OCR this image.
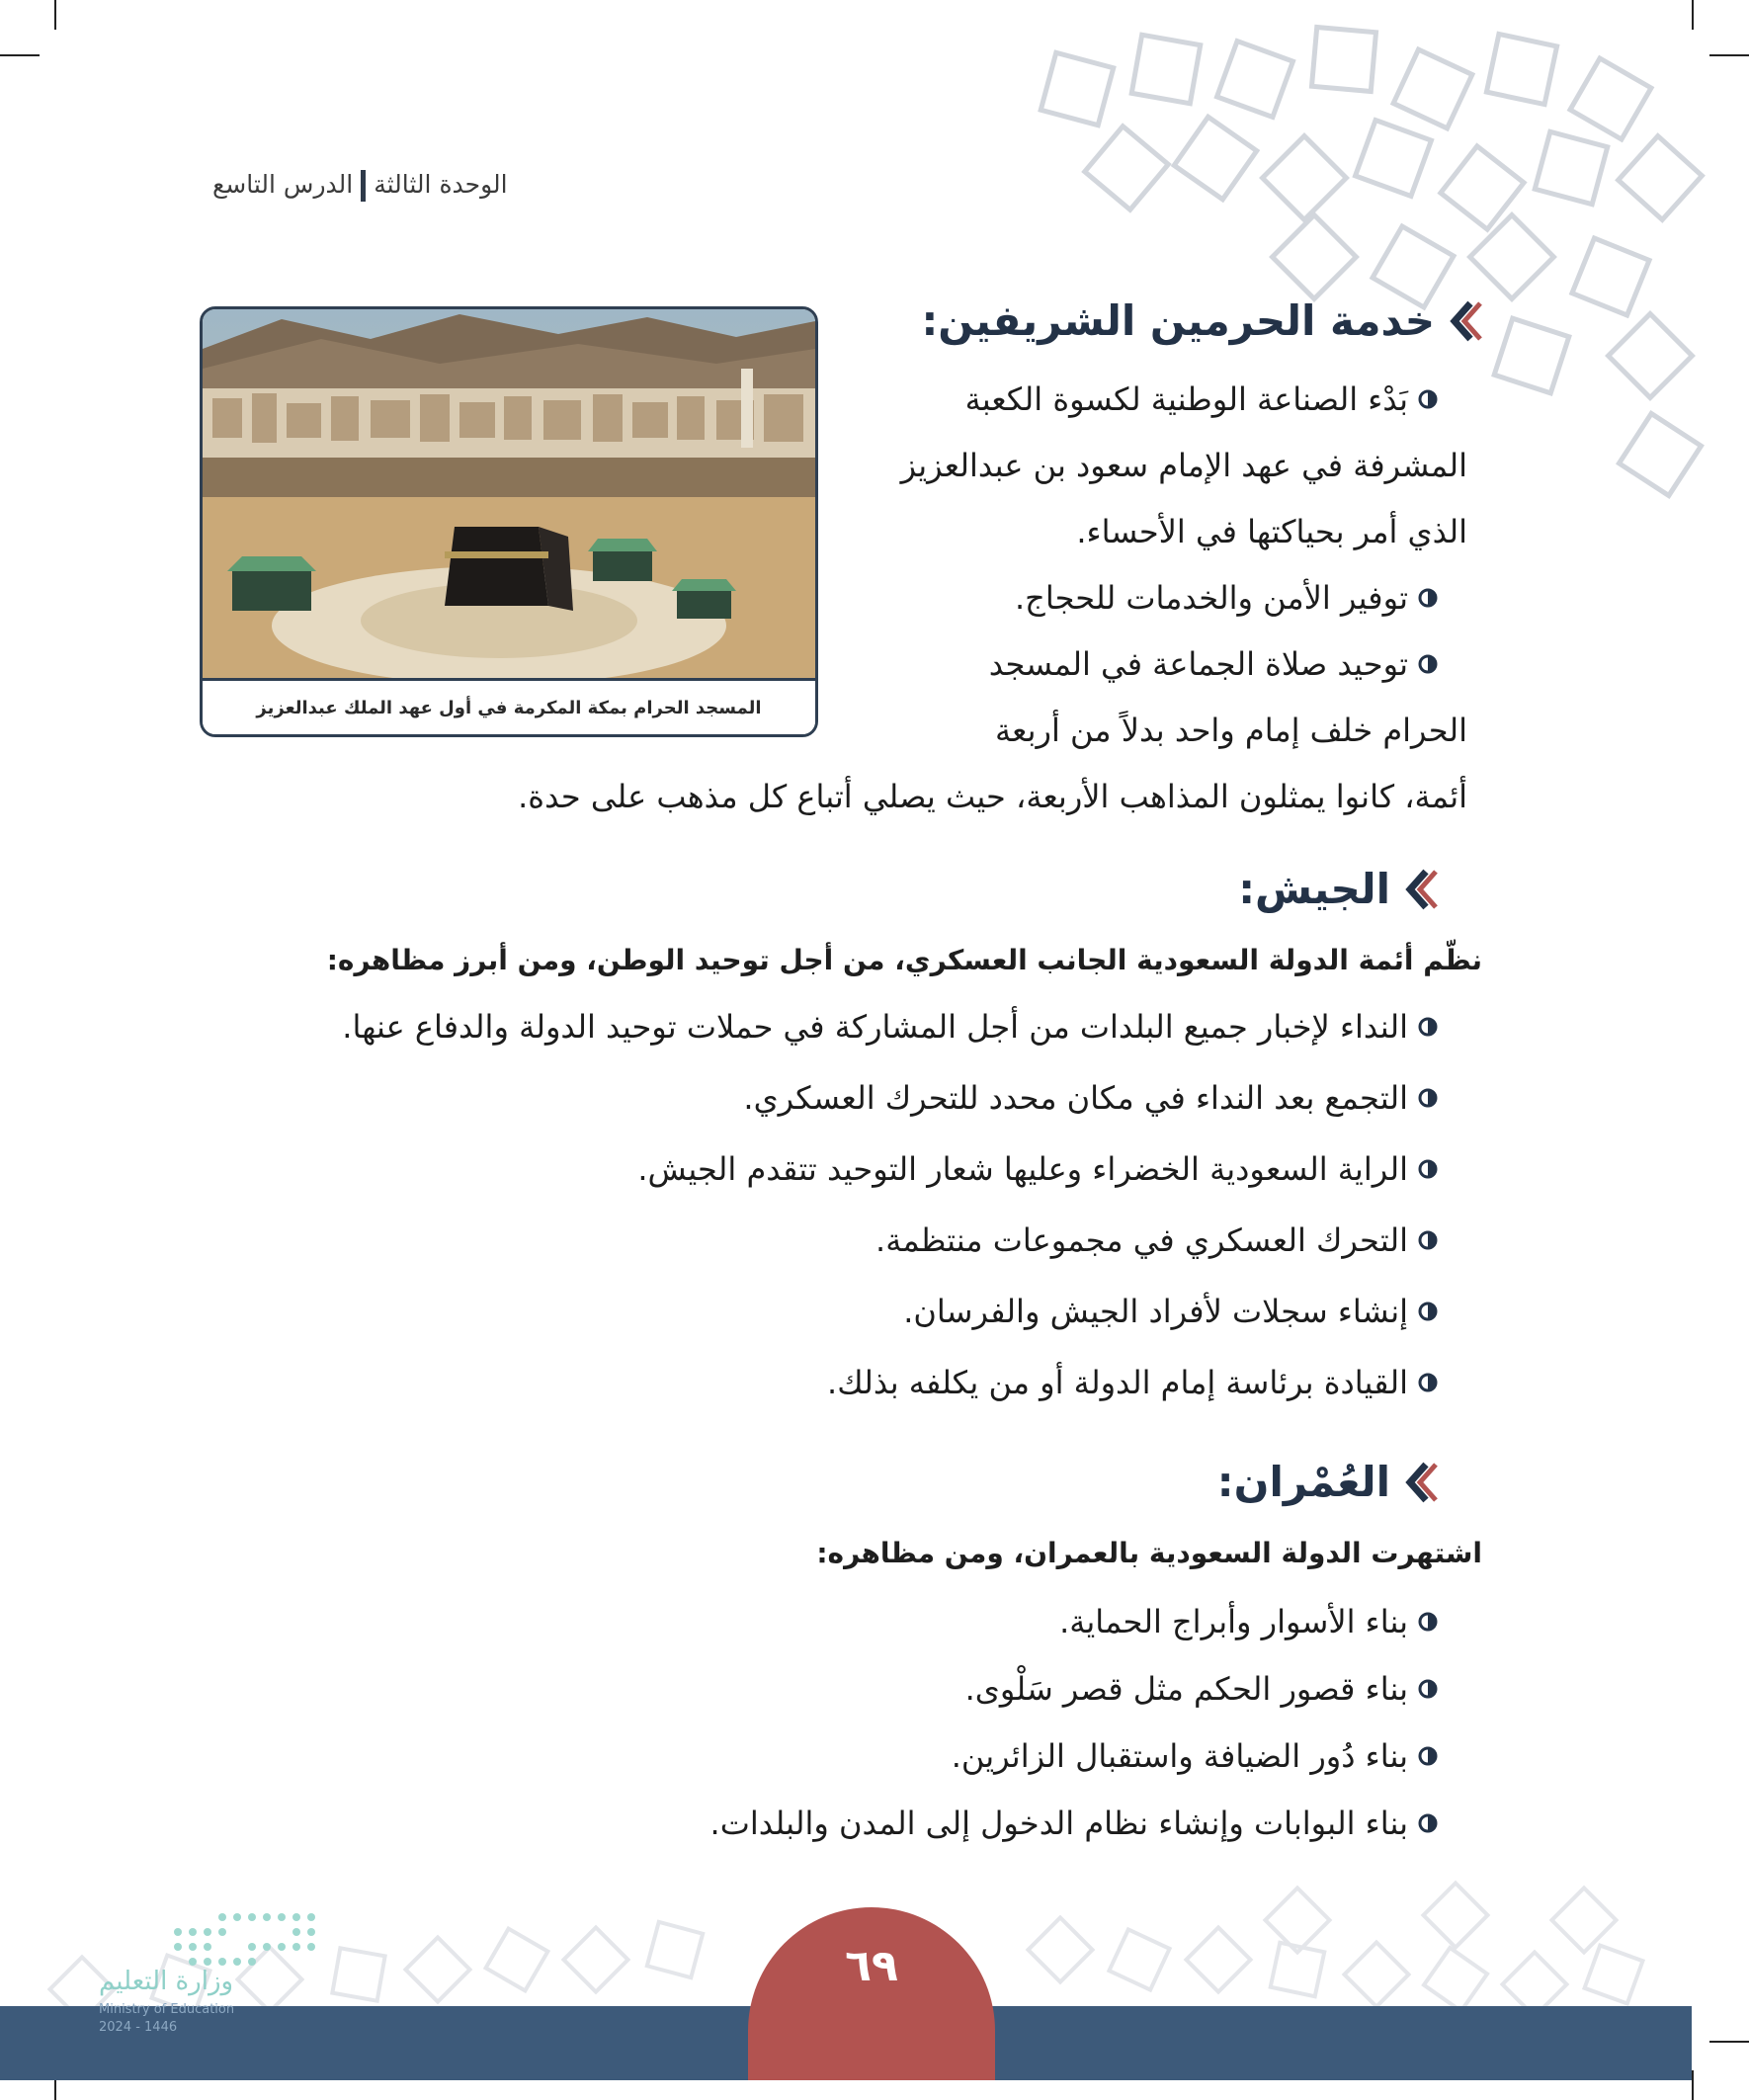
الوحدة الثالثةالدرس التاسع
المسجد الحرام بمكة المكرمة في أول عهد الملك عبدالعزيز
خدمة الحرمين الشريفين:
بَدْء الصناعة الوطنية لكسوة الكعبة
المشرفة في عهد الإمام سعود بن عبدالعزيز
الذي أمر بحياكتها في الأحساء.
توفير الأمن والخدمات للحجاج.
توحيد صلاة الجماعة في المسجد
الحرام خلف إمام واحد بدلاً من أربعة
أئمة، كانوا يمثلون المذاهب الأربعة، حيث يصلي أتباع كل مذهب على حدة.
الجيش:
نظّم أئمة الدولة السعودية الجانب العسكري، من أجل توحيد الوطن، ومن أبرز مظاهره:
النداء لإخبار جميع البلدات من أجل المشاركة في حملات توحيد الدولة والدفاع عنها.
التجمع بعد النداء في مكان محدد للتحرك العسكري.
الراية السعودية الخضراء وعليها شعار التوحيد تتقدم الجيش.
التحرك العسكري في مجموعات منتظمة.
إنشاء سجلات لأفراد الجيش والفرسان.
القيادة برئاسة إمام الدولة أو من يكلفه بذلك.
العُمْران:
اشتهرت الدولة السعودية بالعمران، ومن مظاهره:
بناء الأسوار وأبراج الحماية.
بناء قصور الحكم مثل قصر سَلْوى.
بناء دُور الضيافة واستقبال الزائرين.
بناء البوابات وإنشاء نظام الدخول إلى المدن والبلدات.
٦٩
وزارة التعليم
Ministry of Education
2024 - 1446
